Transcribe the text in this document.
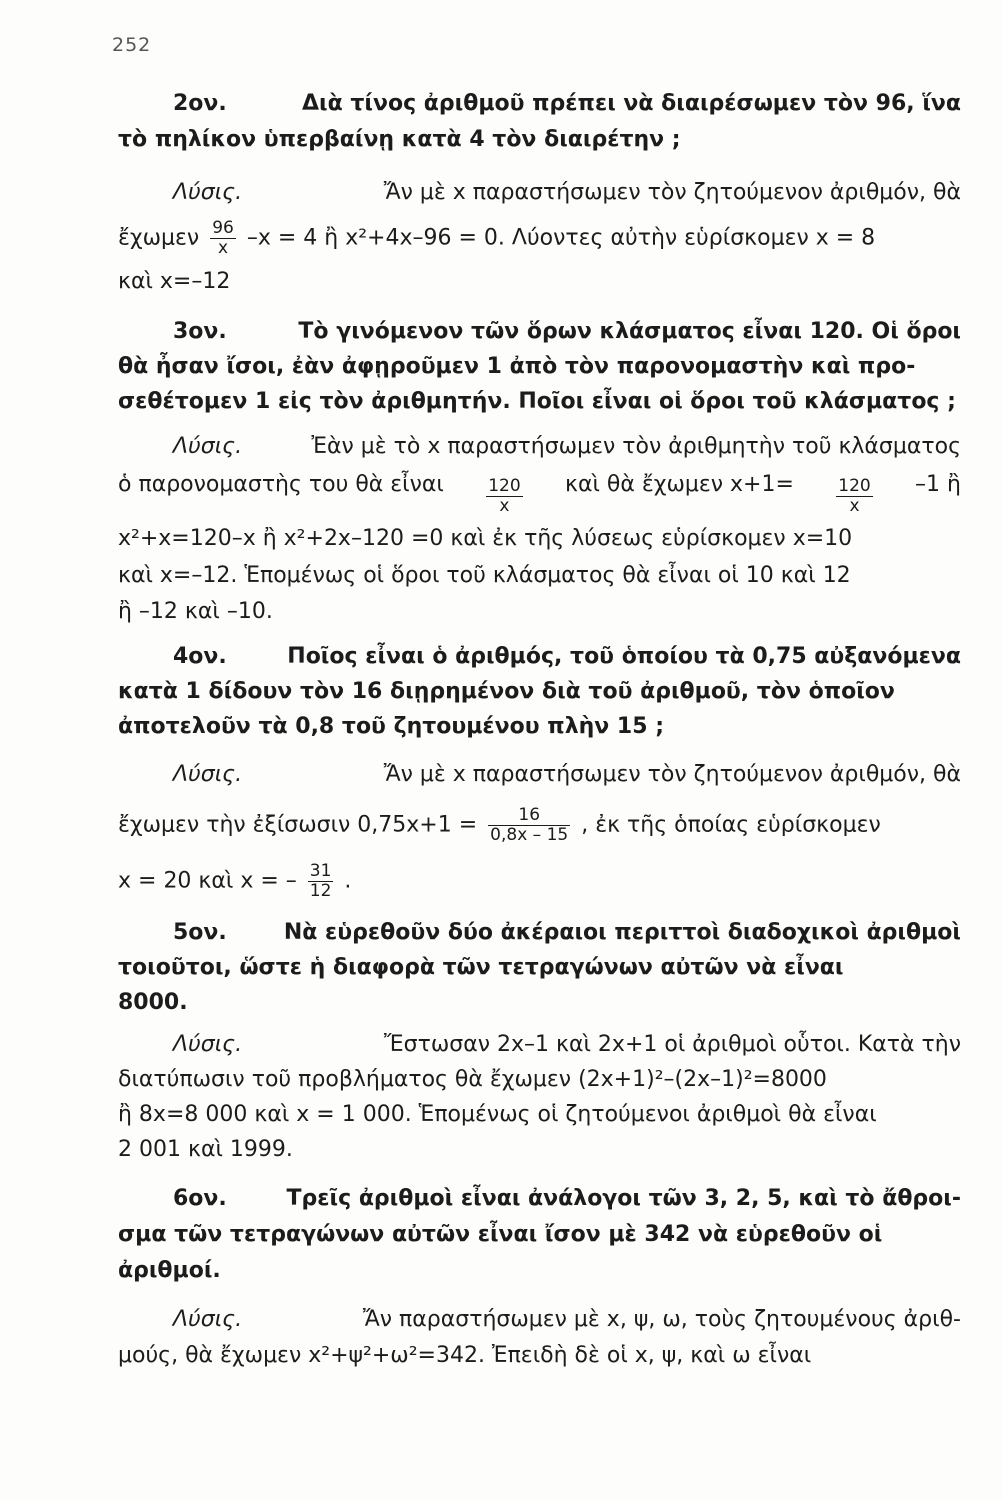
252
2ον.	Διὰ τίνος ἀριθμοῦ πρέπει νὰ διαιρέσωμεν τὸν 96, ἵνα
τὸ πηλίκον ὑπερβαίνῃ κατὰ 4 τὸν διαιρέτην ;
Λύσις.	Ἄν μὲ x παραστήσωμεν τὸν ζητούμενον ἀριθμόν, θὰ
ἔχωμεν $\frac{96}{x} -x = 4$ ἢ x²+4x–96 = 0. Λύοντες αὐτὴν εὑρίσκομεν x = 8
καὶ x=–12
3ον.	Τὸ γινόμενον τῶν ὅρων κλάσματος εἶναι 120. Οἱ ὅροι
θὰ ἦσαν ἴσοι, ἐὰν ἀφῃροῦμεν 1 ἀπὸ τὸν παρονομαστὴν καὶ προ-
σεθέτομεν 1 εἰς τὸν ἀριθμητήν. Ποῖοι εἶναι οἱ ὅροι τοῦ κλάσματος ;
Λύσις.	Ἐὰν μὲ τὸ x παραστήσωμεν τὸν ἀριθμητὴν τοῦ κλάσματος
ὁ παρονομαστὴς του θὰ εἶναι $\frac{120}{x}$ καὶ θὰ ἔχωμεν $x+1= \frac{120}{x} -1$ ἢ
x²+x=120–x ἢ x²+2x–120 =0 καὶ ἐκ τῆς λύσεως εὑρίσκομεν x=10
καὶ x=–12. Ἑπομένως οἱ ὅροι τοῦ κλάσματος θὰ εἶναι οἱ 10 καὶ 12
ἢ –12 καὶ –10.
4ον.	Ποῖος εἶναι ὁ ἀριθμός, τοῦ ὁποίου τὰ 0,75 αὐξανόμενα
κατὰ 1 δίδουν τὸν 16 διῃρημένον διὰ τοῦ ἀριθμοῦ, τὸν ὁποῖον
ἀποτελοῦν τὰ 0,8 τοῦ ζητουμένου πλὴν 15 ;
Λύσις.	Ἄν μὲ x παραστήσωμεν τὸν ζητούμενον ἀριθμόν, θὰ
ἔχωμεν τὴν ἐξίσωσιν $0,75x+1 = \frac{16}{0,8x - 15}$ , ἐκ τῆς ὁποίας εὑρίσκομεν
x = 20 καὶ x = – $\frac{31}{12}$ .
5ον.	Νὰ εὑρεθοῦν δύο ἀκέραιοι περιττοὶ διαδοχικοὶ ἀριθμοὶ
τοιοῦτοι, ὥστε ἡ διαφορὰ τῶν τετραγώνων αὐτῶν νὰ εἶναι
8000.
Λύσις.	Ἔστωσαν 2x–1 καὶ 2x+1 οἱ ἀριθμοὶ οὗτοι. Κατὰ τὴν
διατύπωσιν τοῦ προβλήματος θὰ ἔχωμεν (2x+1)²–(2x–1)²=8000
ἢ 8x=8 000 καὶ x = 1 000. Ἑπομένως οἱ ζητούμενοι ἀριθμοὶ θὰ εἶναι
2 001 καὶ 1999.
6ον.	Τρεῖς ἀριθμοὶ εἶναι ἀνάλογοι τῶν 3, 2, 5, καὶ τὸ ἄθροι-
σμα τῶν τετραγώνων αὐτῶν εἶναι ἴσον μὲ 342 νὰ εὑρεθοῦν οἱ
ἀριθμοί.
Λύσις.	Ἄν παραστήσωμεν μὲ x, ψ, ω, τοὺς ζητουμένους ἀριθ-
μούς, θὰ ἔχωμεν x²+ψ²+ω²=342. Ἐπειδὴ δὲ οἱ x, ψ, καὶ ω εἶναι
